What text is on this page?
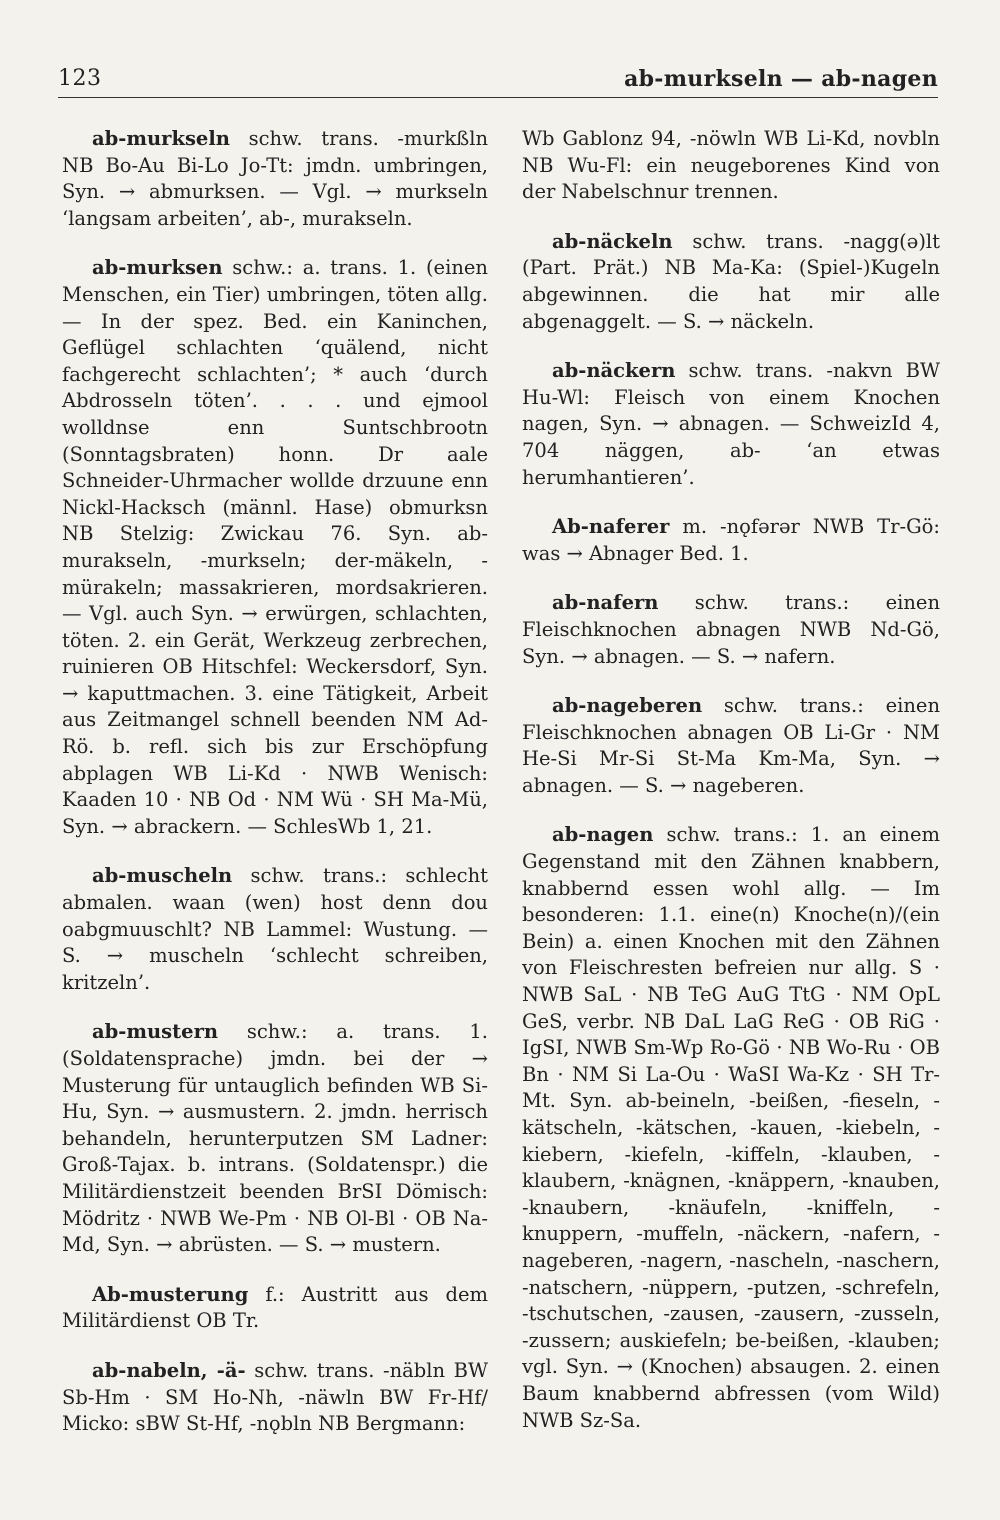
123	ab-murkseln — ab-nagen

ab-murkseln schw. trans. -murkßln NB Bo-Au Bi-Lo Jo-Tt: jmdn. umbringen, Syn. → abmurksen. — Vgl. → murkseln ‘langsam arbeiten’, ab-, murakseln.

ab-murksen schw.: a. trans. 1. (einen Menschen, ein Tier) umbringen, töten allg. — In der spez. Bed. ein Kaninchen, Geflügel schlachten ‘quälend, nicht fachgerecht schlachten’; * auch ‘durch Abdrosseln töten’. . . . und ejmool wolldnse enn Suntschbrootn (Sonntagsbraten) honn. Dr aale Schneider-Uhrmacher wollde drzuune enn Nickl-Hacksch (männl. Hase) obmurksn NB Stelzig: Zwickau 76. Syn. ab-murakseln, -murkseln; der-mäkeln, -mürakeln; massakrieren, mordsakrieren. — Vgl. auch Syn. → erwürgen, schlachten, töten. 2. ein Gerät, Werkzeug zerbrechen, ruinieren OB Hitschfel: Weckersdorf, Syn. → kaputtmachen. 3. eine Tätigkeit, Arbeit aus Zeitmangel schnell beenden NM Ad-Rö. b. refl. sich bis zur Erschöpfung abplagen WB Li-Kd · NWB Wenisch: Kaaden 10 · NB Od · NM Wü · SH Ma-Mü, Syn. → abrackern. — SchlesWb 1, 21.

ab-muscheln schw. trans.: schlecht abmalen. waan (wen) host denn dou oabgmuuschlt? NB Lammel: Wustung. — S. → muscheln ‘schlecht schreiben, kritzeln’.

ab-mustern schw.: a. trans. 1. (Soldatensprache) jmdn. bei der → Musterung für untauglich befinden WB Si-Hu, Syn. → ausmustern. 2. jmdn. herrisch behandeln, herunterputzen SM Ladner: Groß-Tajax. b. intrans. (Soldatenspr.) die Militärdienstzeit beenden BrSI Dömisch: Mödritz · NWB We-Pm · NB Ol-Bl · OB Na-Md, Syn. → abrüsten. — S. → mustern.

Ab-musterung f.: Austritt aus dem Militärdienst OB Tr.

ab-nabeln, -ä- schw. trans. -näbln BW Sb-Hm · SM Ho-Nh, -näwln BW Fr-Hf/ Micko: sBW St-Hf, -nǫbln NB Bergmann:

Wb Gablonz 94, -nöwln WB Li-Kd, novbln NB Wu-Fl: ein neugeborenes Kind von der Nabelschnur trennen.

ab-näckeln schw. trans. -nagg(ə)lt (Part. Prät.) NB Ma-Ka: (Spiel-)Kugeln abgewinnen. die hat mir alle abgenaggelt. — S. → näckeln.

ab-näckern schw. trans. -nakvn BW Hu-Wl: Fleisch von einem Knochen nagen, Syn. → abnagen. — SchweizId 4, 704 näggen, ab- ‘an etwas herumhantieren’.

Ab-naferer m. -nǫfərər NWB Tr-Gö: was → Abnager Bed. 1.

ab-nafern schw. trans.: einen Fleischknochen abnagen NWB Nd-Gö, Syn. → abnagen. — S. → nafern.

ab-nageberen schw. trans.: einen Fleischknochen abnagen OB Li-Gr · NM He-Si Mr-Si St-Ma Km-Ma, Syn. → abnagen. — S. → nageberen.

ab-nagen schw. trans.: 1. an einem Gegenstand mit den Zähnen knabbern, knabbernd essen wohl allg. — Im besonderen: 1.1. eine(n) Knoche(n)/(ein Bein) a. einen Knochen mit den Zähnen von Fleischresten befreien nur allg. S · NWB SaL · NB TeG AuG TtG · NM OpL GeS, verbr. NB DaL LaG ReG · OB RiG · IgSI, NWB Sm-Wp Ro-Gö · NB Wo-Ru · OB Bn · NM Si La-Ou · WaSI Wa-Kz · SH Tr-Mt. Syn. ab-beineln, -beißen, -fieseln, -kätscheln, -kätschen, -kauen, -kiebeln, -kiebern, -kiefeln, -kiffeln, -klauben, -klaubern, -knägnen, -knäppern, -knauben, -knaubern, -knäufeln, -kniffeln, -knuppern, -muffeln, -näckern, -nafern, -nageberen, -nagern, -nascheln, -naschern, -natschern, -nüppern, -putzen, -schrefeln, -tschutschen, -zausen, -zausern, -zusseln, -zussern; auskiefeln; be-beißen, -klauben; vgl. Syn. → (Knochen) absaugen. 2. einen Baum knabbernd abfressen (vom Wild) NWB Sz-Sa.
